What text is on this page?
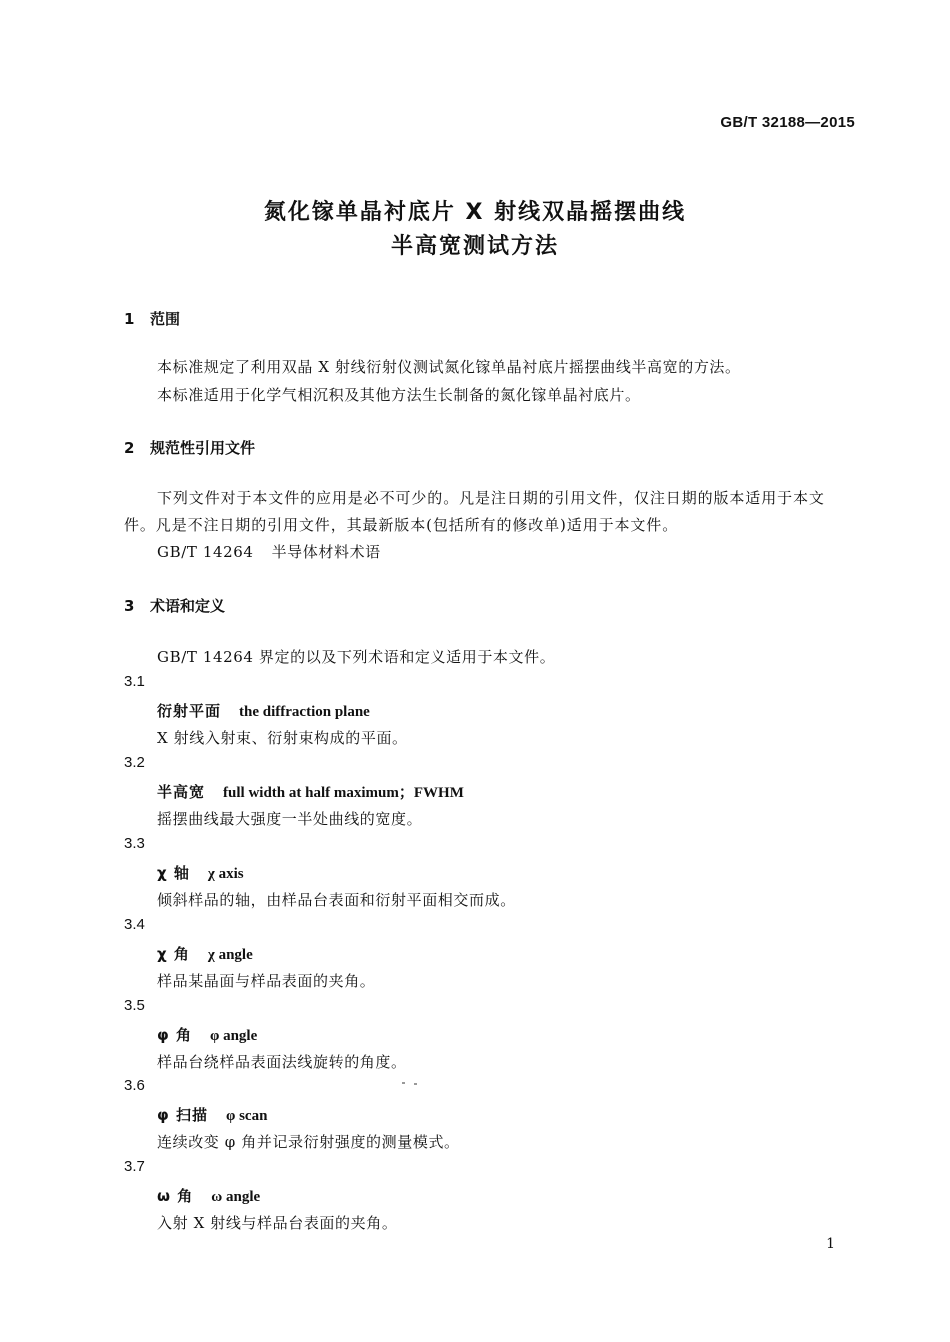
GB/T 32188—2015
氮化镓单晶衬底片 X 射线双晶摇摆曲线
半高宽测试方法
1 范围
本标准规定了利用双晶 X 射线衍射仪测试氮化镓单晶衬底片摇摆曲线半高宽的方法。
本标准适用于化学气相沉积及其他方法生长制备的氮化镓单晶衬底片。
2 规范性引用文件
下列文件对于本文件的应用是必不可少的。凡是注日期的引用文件，仅注日期的版本适用于本文
件。凡是不注日期的引用文件，其最新版本(包括所有的修改单)适用于本文件。
GB/T 14264 半导体材料术语
3 术语和定义
GB/T 14264 界定的以及下列术语和定义适用于本文件。
3.1
衍射平面 the diffraction plane
X 射线入射束、衍射束构成的平面。
3.2
半高宽 full width at half maximum；FWHM
摇摆曲线最大强度一半处曲线的宽度。
3.3
χ 轴 χ axis
倾斜样品的轴，由样品台表面和衍射平面相交而成。
3.4
χ 角 χ angle
样品某晶面与样品表面的夹角。
3.5
φ 角 φ angle
样品台绕样品表面法线旋转的角度。
3.6
φ 扫描 φ scan
连续改变 φ 角并记录衍射强度的测量模式。
3.7
ω 角 ω angle
入射 X 射线与样品台表面的夹角。
1
